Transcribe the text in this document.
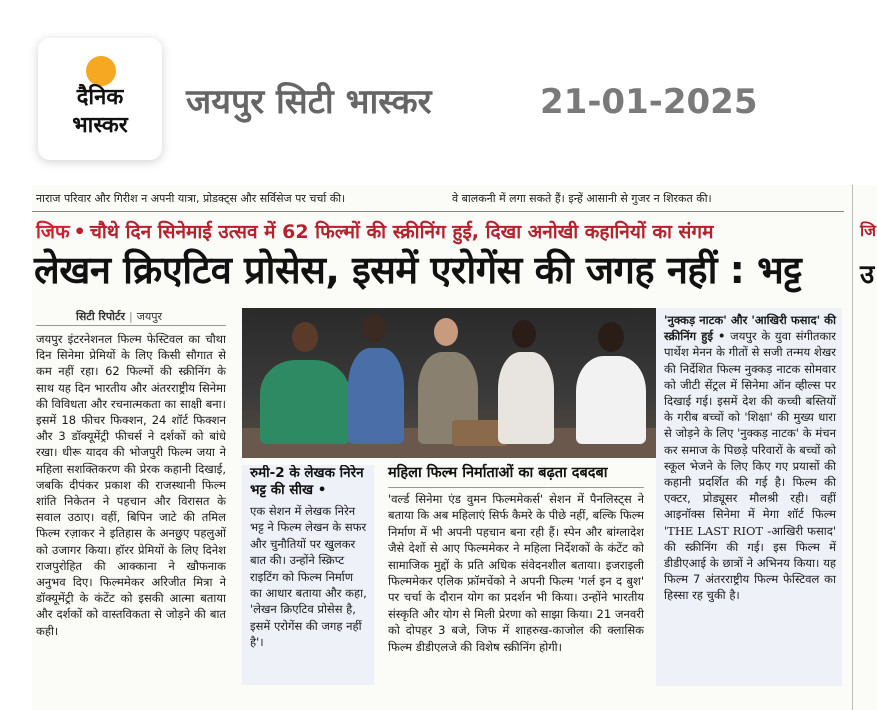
दैनिक
भास्कर
जयपुर सिटी भास्कर	21-01-2025
नाराज परिवार और गिरीश न अपनी यात्रा, प्रोडक्ट्स और सर्विसेज पर चर्चा की।	वे बालकनी में लगा सकते हैं। इन्हें आसानी से गुजर न शिरकत की।
जिफ • चौथे दिन सिनेमाई उत्सव में 62 फिल्मों की स्क्रीनिंग हुई, दिखा अनोखी कहानियों का संगम
लेखन क्रिएटिव प्रोसेस, इसमें एरोगेंस की जगह नहीं : भट्ट
सिटी रिपोर्टर | जयपुर
जयपुर इंटरनेशनल फिल्म फेस्टिवल का चौथा दिन सिनेमा प्रेमियों के लिए किसी सौगात से कम नहीं रहा। 62 फिल्मों की स्क्रीनिंग के साथ यह दिन भारतीय और अंतरराष्ट्रीय सिनेमा की विविधता और रचनात्मकता का साक्षी बना। इसमें 18 फीचर फिक्शन, 24 शॉर्ट फिक्शन और 3 डॉक्यूमेंट्री फीचर्स ने दर्शकों को बांधे रखा। धीरू यादव की भोजपुरी फिल्म जया ने महिला सशक्तिकरण की प्रेरक कहानी दिखाई, जबकि दीपंकर प्रकाश की राजस्थानी फिल्म शांति निकेतन ने पहचान और विरासत के सवाल उठाए। वहीं, बिपिन जाटे की तमिल फिल्म रज़ाकर ने इतिहास के अनछुए पहलुओं को उजागर किया। हॉरर प्रेमियों के लिए दिनेश राजपुरोहित की आक्काना ने खौफनाक अनुभव दिए। फिल्ममेकर अरिजीत मित्रा ने डॉक्यूमेंट्री के कंटेंट को इसकी आत्मा बताया और दर्शकों को वास्तविकता से जोड़ने की बात कही।
रुमी-2 के लेखक निरेन भट्ट की सीख •
एक सेशन में लेखक निरेन भट्ट ने फिल्म लेखन के सफर और चुनौतियों पर खुलकर बात की। उन्होंने स्क्रिप्ट राइटिंग को फिल्म निर्माण का आधार बताया और कहा, 'लेखन क्रिएटिव प्रोसेस है, इसमें एरोगेंस की जगह नहीं है'।
महिला फिल्म निर्माताओं का बढ़ता दबदबा
'वर्ल्ड सिनेमा एंड वुमन फिल्ममेकर्स' सेशन में पैनलिस्ट्स ने बताया कि अब महिलाएं सिर्फ कैमरे के पीछे नहीं, बल्कि फिल्म निर्माण में भी अपनी पहचान बना रही हैं। स्पेन और बांग्लादेश जैसे देशों से आए फिल्ममेकर ने महिला निर्देशकों के कंटेंट को सामाजिक मुद्दों के प्रति अधिक संवेदनशील बताया। इजराइली फिल्ममेकर एलिक फ्रॉमचेंको ने अपनी फिल्म 'गर्ल इन द बुश' पर चर्चा के दौरान योग का प्रदर्शन भी किया। उन्होंने भारतीय संस्कृति और योग से मिली प्रेरणा को साझा किया। 21 जनवरी को दोपहर 3 बजे, जिफ में शाहरुख-काजोल की क्लासिक फिल्म डीडीएलजे की विशेष स्क्रीनिंग होगी।
'नुक्कड़ नाटक' और 'आखिरी फसाद' की स्क्रीनिंग हुई • जयपुर के युवा संगीतकार पार्थेश मेनन के गीतों से सजी तन्मय शेखर की निर्देशित फिल्म नुक्कड़ नाटक सोमवार को जीटी सेंट्रल में सिनेमा ऑन व्हील्स पर दिखाई गई। इसमें देश की कच्ची बस्तियों के गरीब बच्चों को 'शिक्षा' की मुख्य धारा से जोड़ने के लिए 'नुक्कड़ नाटक' के मंचन कर समाज के पिछड़े परिवारों के बच्चों को स्कूल भेजने के लिए किए गए प्रयासों की कहानी प्रदर्शित की गई है। फिल्म की एक्टर, प्रोड्यूसर मौलश्री रही। वहीं आइनॉक्स सिनेमा में मेगा शॉर्ट फिल्म 'THE LAST RIOT -आखिरी फसाद' की स्क्रीनिंग की गई। इस फिल्म में डीडीएआई के छात्रों ने अभिनय किया। यह फिल्म 7 अंतरराष्ट्रीय फिल्म फेस्टिवल का हिस्सा रह चुकी है।
जि
उ
